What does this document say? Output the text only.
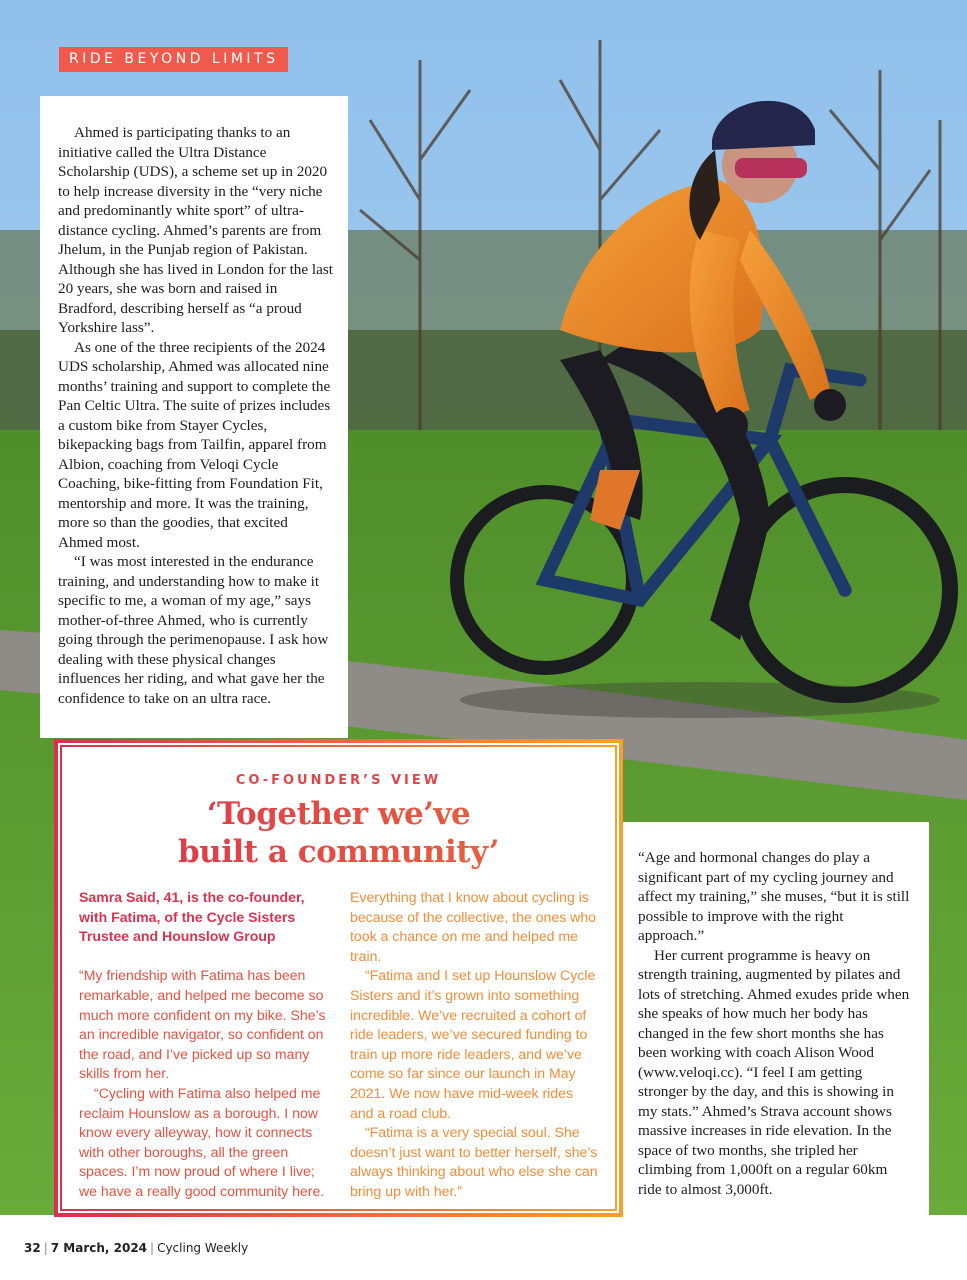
RIDE BEYOND LIMITS

Ahmed is participating thanks to an initiative called the Ultra Distance Scholarship (UDS), a scheme set up in 2020 to help increase diversity in the “very niche and predominantly white sport” of ultra-distance cycling. Ahmed’s parents are from Jhelum, in the Punjab region of Pakistan. Although she has lived in London for the last 20 years, she was born and raised in Bradford, describing herself as “a proud Yorkshire lass”.

As one of the three recipients of the 2024 UDS scholarship, Ahmed was allocated nine months’ training and support to complete the Pan Celtic Ultra. The suite of prizes includes a custom bike from Stayer Cycles, bikepacking bags from Tailfin, apparel from Albion, coaching from Veloqi Cycle Coaching, bike-fitting from Foundation Fit, mentorship and more. It was the training, more so than the goodies, that excited Ahmed most.

“I was most interested in the endurance training, and understanding how to make it specific to me, a woman of my age,” says mother-of-three Ahmed, who is currently going through the perimenopause. I ask how dealing with these physical changes influences her riding, and what gave her the confidence to take on an ultra race.

“Age and hormonal changes do play a significant part of my cycling journey and affect my training,” she muses, “but it is still possible to improve with the right approach.”

Her current programme is heavy on strength training, augmented by pilates and lots of stretching. Ahmed exudes pride when she speaks of how much her body has changed in the few short months she has been working with coach Alison Wood (www.veloqi.cc). “I feel I am getting stronger by the day, and this is showing in my stats.” Ahmed’s Strava account shows massive increases in ride elevation. In the space of two months, she tripled her climbing from 1,000ft on a regular 60km ride to almost 3,000ft.

CO-FOUNDER’S VIEW
‘Together we’ve
built a community’

Samra Said, 41, is the co-founder, with Fatima, of the Cycle Sisters Trustee and Hounslow Group

“My friendship with Fatima has been remarkable, and helped me become so much more confident on my bike. She’s an incredible navigator, so confident on the road, and I’ve picked up so many skills from her.

“Cycling with Fatima also helped me reclaim Hounslow as a borough. I now know every alleyway, how it connects with other boroughs, all the green spaces. I’m now proud of where I live; we have a really good community here.

Everything that I know about cycling is because of the collective, the ones who took a chance on me and helped me train.

“Fatima and I set up Hounslow Cycle Sisters and it’s grown into something incredible. We’ve recruited a cohort of ride leaders, we’ve secured funding to train up more ride leaders, and we’ve come so far since our launch in May 2021. We now have mid-week rides and a road club.

“Fatima is a very special soul. She doesn’t just want to better herself, she’s always thinking about who else she can bring up with her.”

32 | 7 March, 2024 | Cycling Weekly
